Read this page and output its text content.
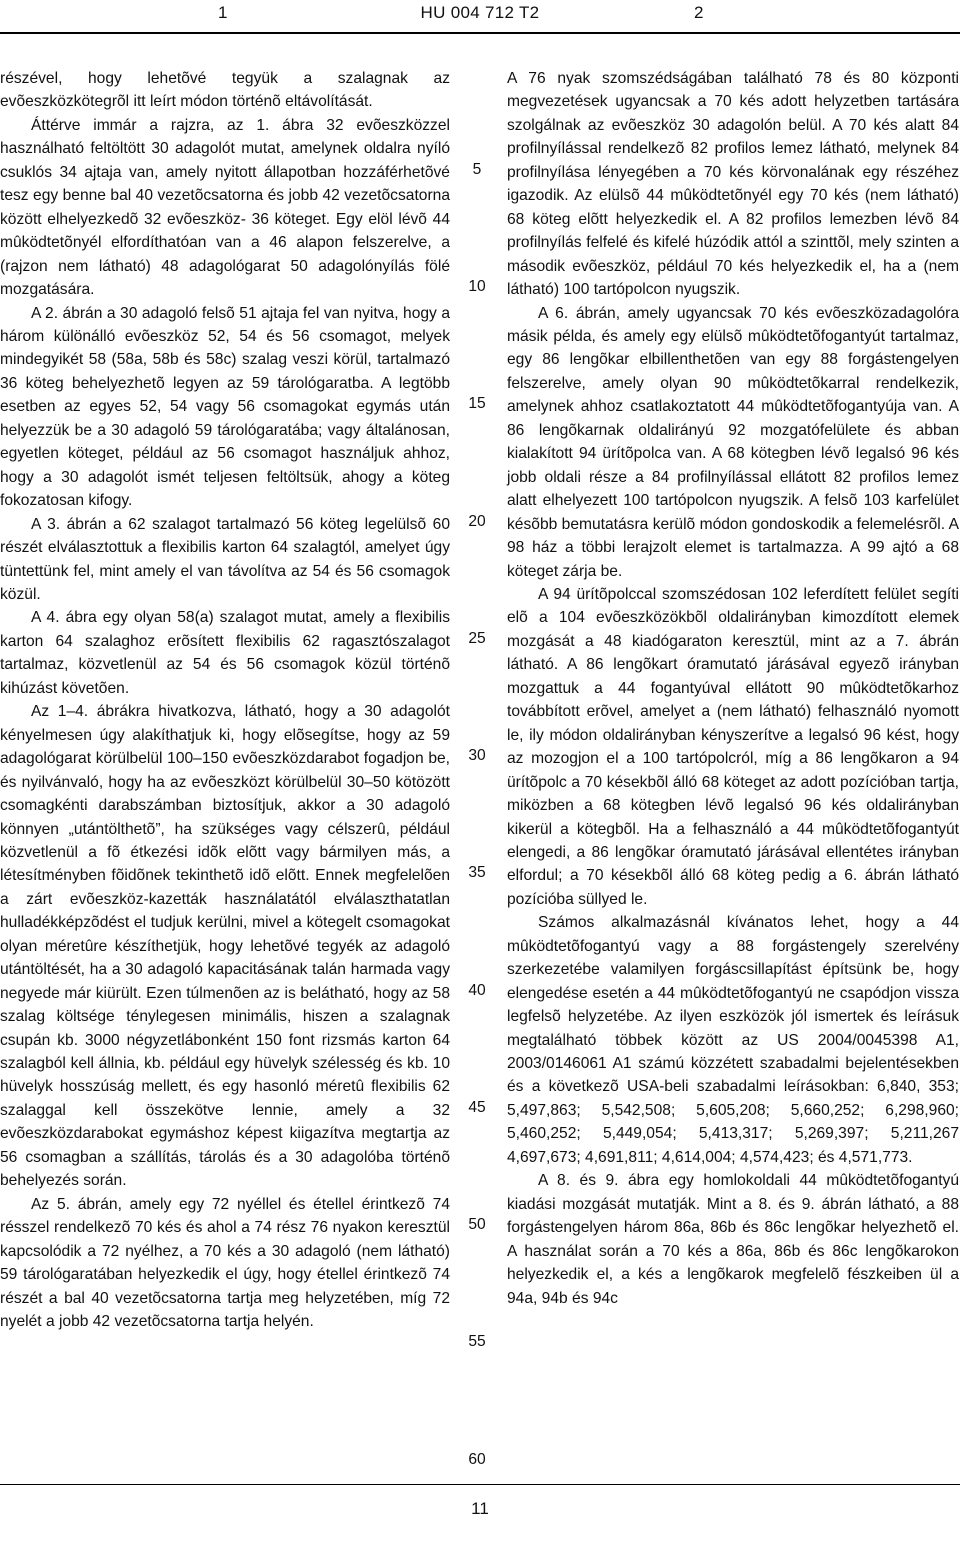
1	HU 004 712 T2	2

részével, hogy lehetõvé tegyük a szalagnak az evõeszközkötegrõl itt leírt módon történõ eltávolítását.

Áttérve immár a rajzra, az 1. ábra 32 evõeszközzel használható feltöltött 30 adagolót mutat, amelynek oldalra nyíló csuklós 34 ajtaja van, amely nyitott állapotban hozzáférhetõvé tesz egy benne bal 40 vezetõcsatorna és jobb 42 vezetõcsatorna között elhelyezkedõ 32 evõeszköz- 36 köteget. Egy elöl lévõ 44 mûködtetõnyél elfordíthatóan van a 46 alapon felszerelve, a (rajzon nem látható) 48 adagológarat 50 adagolónyílás fölé mozgatására.

A 2. ábrán a 30 adagoló felsõ 51 ajtaja fel van nyitva, hogy a három különálló evõeszköz 52, 54 és 56 csomagot, melyek mindegyikét 58 (58a, 58b és 58c) szalag veszi körül, tartalmazó 36 köteg behelyezhetõ legyen az 59 tárológaratba. A legtöbb esetben az egyes 52, 54 vagy 56 csomagokat egymás után helyezzük be a 30 adagoló 59 tárológaratába; vagy általánosan, egyetlen köteget, például az 56 csomagot használjuk ahhoz, hogy a 30 adagolót ismét teljesen feltöltsük, ahogy a köteg fokozatosan kifogy.

A 3. ábrán a 62 szalagot tartalmazó 56 köteg legelülsõ 60 részét elválasztottuk a flexibilis karton 64 szalagtól, amelyet úgy tüntettünk fel, mint amely el van távolítva az 54 és 56 csomagok közül.

A 4. ábra egy olyan 58(a) szalagot mutat, amely a flexibilis karton 64 szalaghoz erõsített flexibilis 62 ragasztószalagot tartalmaz, közvetlenül az 54 és 56 csomagok közül történõ kihúzást követõen.

Az 1–4. ábrákra hivatkozva, látható, hogy a 30 adagolót kényelmesen úgy alakíthatjuk ki, hogy elõsegítse, hogy az 59 adagológarat körülbelül 100–150 evõeszközdarabot fogadjon be, és nyilvánvaló, hogy ha az evõeszközt körülbelül 30–50 kötözött csomagkénti darabszámban biztosítjuk, akkor a 30 adagoló könnyen „utántölthetõ”, ha szükséges vagy célszerû, például közvetlenül a fõ étkezési idõk elõtt vagy bármilyen más, a létesítményben fõidõnek tekinthetõ idõ elõtt. Ennek megfelelõen a zárt evõeszköz-kazetták használatától elválaszthatatlan hulladékképzõdést el tudjuk kerülni, mivel a kötegelt csomagokat olyan méretûre készíthetjük, hogy lehetõvé tegyék az adagoló utántöltését, ha a 30 adagoló kapacitásának talán harmada vagy negyede már kiürült. Ezen túlmenõen az is belátható, hogy az 58 szalag költsége ténylegesen minimális, hiszen a szalagnak csupán kb. 3000 négyzetlábonként 150 font rizsmás karton 64 szalagból kell állnia, kb. például egy hüvelyk szélesség és kb. 10 hüvelyk hosszúság mellett, és egy hasonló méretû flexibilis 62 szalaggal kell összekötve lennie, amely a 32 evõeszközdarabokat egymáshoz képest kiigazítva megtartja az 56 csomagban a szállítás, tárolás és a 30 adagolóba történõ behelyezés során.

Az 5. ábrán, amely egy 72 nyéllel és étellel érintkezõ 74 résszel rendelkezõ 70 kés és ahol a 74 rész 76 nyakon keresztül kapcsolódik a 72 nyélhez, a 70 kés a 30 adagoló (nem látható) 59 tárológaratában helyezkedik el úgy, hogy étellel érintkezõ 74 részét a bal 40 vezetõcsatorna tartja meg helyzetében, míg 72 nyelét a jobb 42 vezetõcsatorna tartja helyén.

5
10
15
20
25
30
35
40
45
50
55
60

A 76 nyak szomszédságában található 78 és 80 központi megvezetések ugyancsak a 70 kés adott helyzetben tartására szolgálnak az evõeszköz 30 adagolón belül. A 70 kés alatt 84 profilnyílással rendelkezõ 82 profilos lemez látható, melynek 84 profilnyílása lényegében a 70 kés körvonalának egy részéhez igazodik. Az elülsõ 44 mûködtetõnyél egy 70 kés (nem látható) 68 köteg elõtt helyezkedik el. A 82 profilos lemezben lévõ 84 profilnyílás felfelé és kifelé húzódik attól a szinttõl, mely szinten a második evõeszköz, például 70 kés helyezkedik el, ha a (nem látható) 100 tartópolcon nyugszik.

A 6. ábrán, amely ugyancsak 70 kés evõeszközadagolóra másik példa, és amely egy elülsõ mûködtetõfogantyút tartalmaz, egy 86 lengõkar elbillenthetõen van egy 88 forgástengelyen felszerelve, amely olyan 90 mûködtetõkarral rendelkezik, amelynek ahhoz csatlakoztatott 44 mûködtetõfogantyúja van. A 86 lengõkarnak oldalirányú 92 mozgatófelülete és abban kialakított 94 ürítõpolca van. A 68 kötegben lévõ legalsó 96 kés jobb oldali része a 84 profilnyílással ellátott 82 profilos lemez alatt elhelyezett 100 tartópolcon nyugszik. A felsõ 103 karfelület késõbb bemutatásra kerülõ módon gondoskodik a felemelésrõl. A 98 ház a többi lerajzolt elemet is tartalmazza. A 99 ajtó a 68 köteget zárja be.

A 94 ürítõpolccal szomszédosan 102 leferdített felület segíti elõ a 104 evõeszközökbõl oldalirányban kimozdított elemek mozgását a 48 kiadógaraton keresztül, mint az a 7. ábrán látható. A 86 lengõkart óramutató járásával egyezõ irányban mozgattuk a 44 fogantyúval ellátott 90 mûködtetõkarhoz továbbított erõvel, amelyet a (nem látható) felhasználó nyomott le, ily módon oldalirányban kényszerítve a legalsó 96 kést, hogy az mozogjon el a 100 tartópolcról, míg a 86 lengõkaron a 94 ürítõpolc a 70 késekbõl álló 68 köteget az adott pozícióban tartja, miközben a 68 kötegben lévõ legalsó 96 kés oldalirányban kikerül a kötegbõl. Ha a felhasználó a 44 mûködtetõfogantyút elengedi, a 86 lengõkar óramutató járásával ellentétes irányban elfordul; a 70 késekbõl álló 68 köteg pedig a 6. ábrán látható pozícióba süllyed le.

Számos alkalmazásnál kívánatos lehet, hogy a 44 mûködtetõfogantyú vagy a 88 forgástengely szerelvény szerkezetébe valamilyen forgáscsillapítást építsünk be, hogy elengedése esetén a 44 mûködtetõfogantyú ne csapódjon vissza legfelsõ helyzetébe. Az ilyen eszközök jól ismertek és leírásuk megtalálható többek között az US 2004/0045398 A1, 2003/0146061 A1 számú közzétett szabadalmi bejelentésekben és a következõ USA-beli szabadalmi leírásokban: 6,840, 353; 5,497,863; 5,542,508; 5,605,208; 5,660,252; 6,298,960; 5,460,252; 5,449,054; 5,413,317; 5,269,397; 5,211,267 4,697,673; 4,691,811; 4,614,004; 4,574,423; és 4,571,773.

A 8. és 9. ábra egy homlokoldali 44 mûködtetõfogantyú kiadási mozgását mutatják. Mint a 8. és 9. ábrán látható, a 88 forgástengelyen három 86a, 86b és 86c lengõkar helyezhetõ el. A használat során a 70 kés a 86a, 86b és 86c lengõkarokon helyezkedik el, a kés a lengõkarok megfelelõ fészkeiben ül a 94a, 94b és 94c

11
